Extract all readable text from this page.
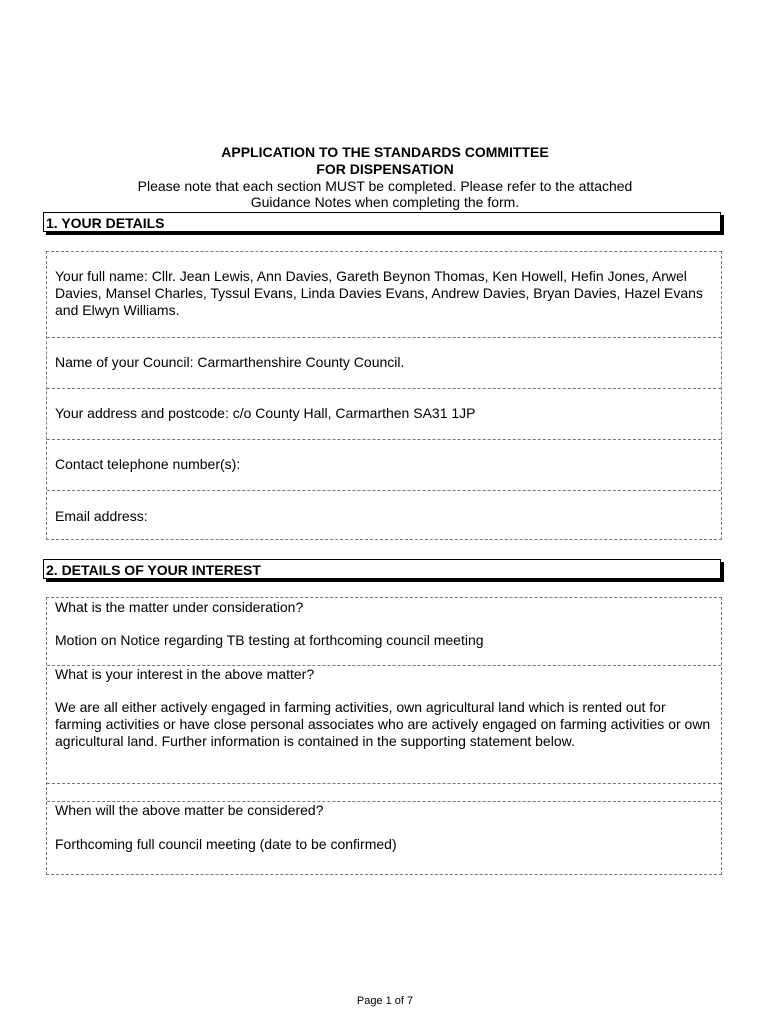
APPLICATION TO THE STANDARDS COMMITTEE
FOR DISPENSATION
Please note that each section MUST be completed. Please refer to the attached
Guidance Notes when completing the form.
1. YOUR DETAILS
Your full name: Cllr. Jean Lewis, Ann Davies, Gareth Beynon Thomas, Ken Howell, Hefin Jones, Arwel Davies, Mansel Charles, Tyssul Evans, Linda Davies Evans, Andrew Davies, Bryan Davies, Hazel Evans and Elwyn Williams.
Name of your Council: Carmarthenshire County Council.
Your address and postcode: c/o County Hall, Carmarthen SA31 1JP
Contact telephone number(s):
Email address:
2. DETAILS OF YOUR INTEREST
What is the matter under consideration?
Motion on Notice regarding TB testing at forthcoming council meeting
What is your interest in the above matter?
We are all either actively engaged in farming activities, own agricultural land which is rented out for farming activities or have close personal associates who are actively engaged on farming activities or own agricultural land. Further information is contained in the supporting statement below.
When will the above matter be considered?
Forthcoming full council meeting (date to be confirmed)
Page 1 of 7
